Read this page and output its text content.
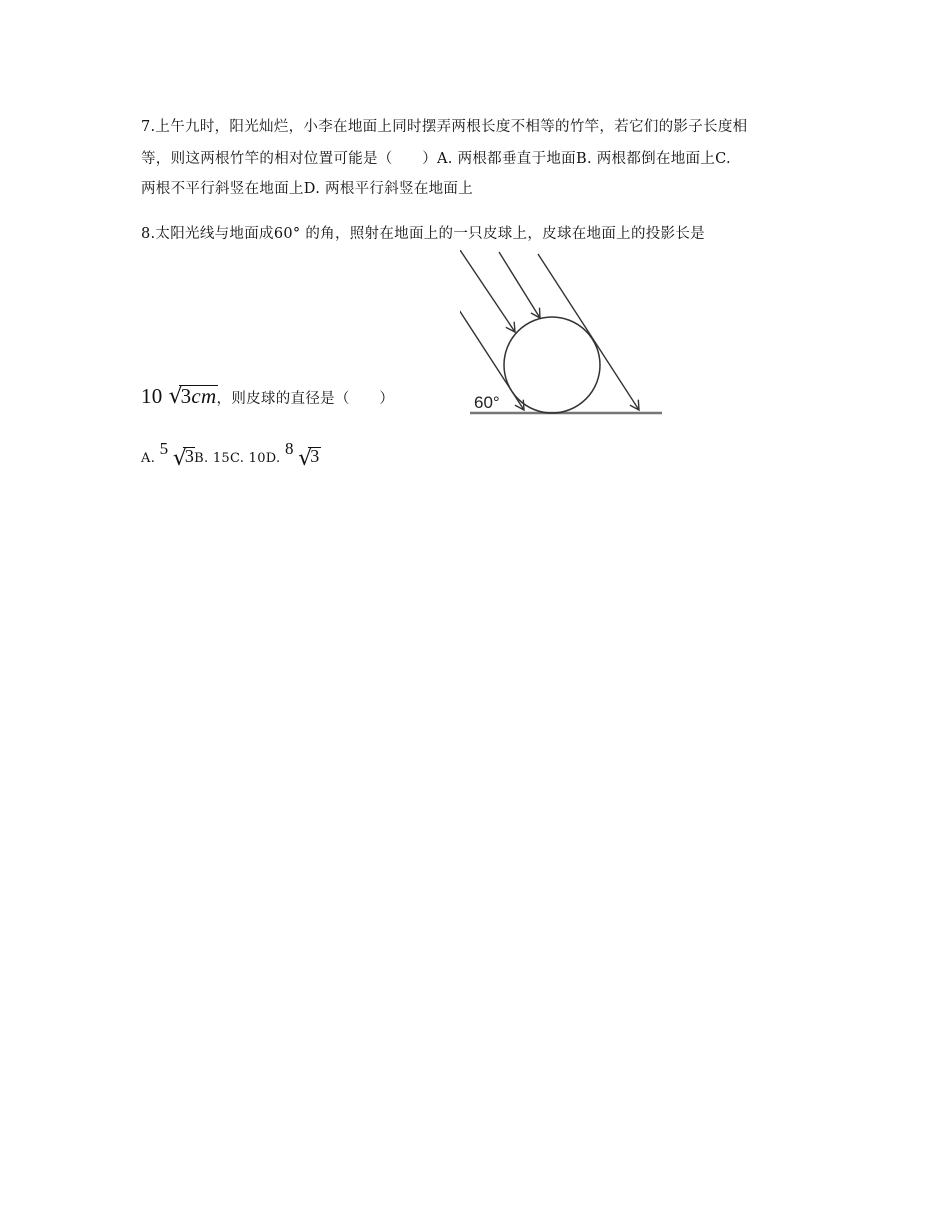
7.上午九时，阳光灿烂，小李在地面上同时摆弄两根长度不相等的竹竿，若它们的影子长度相
等，则这两根竹竿的相对位置可能是（　　）A. 两根都垂直于地面B. 两根都倒在地面上C.
两根不平行斜竖在地面上D. 两根平行斜竖在地面上
8.太阳光线与地面成60° 的角，照射在地面上的一只皮球上，皮球在地面上的投影长是
10 √
3cm，则皮球的直径是（　　）
A. 5 √
3B. 15C. 10D. 8 √
3
60°
